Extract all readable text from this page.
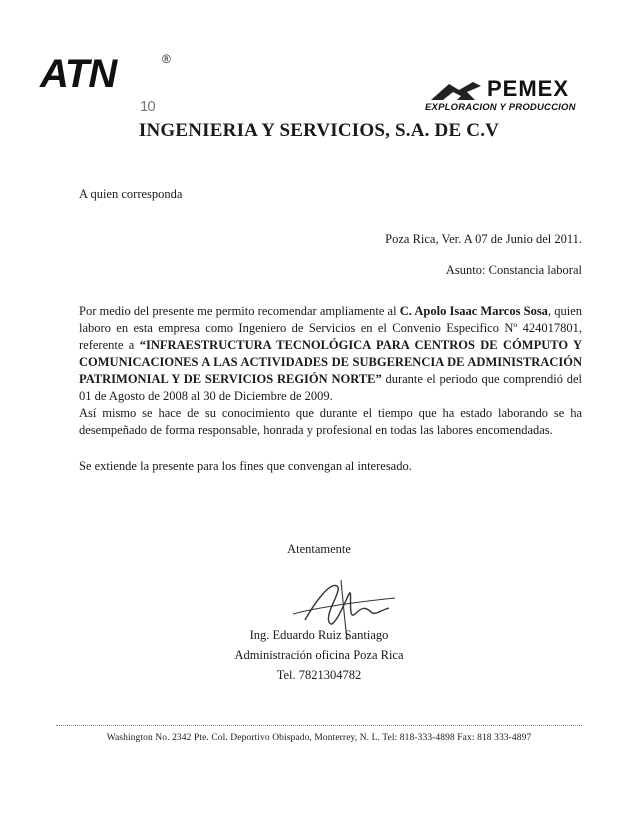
ATN	®
10
PEMEX
EXPLORACION Y PRODUCCION
INGENIERIA Y SERVICIOS, S.A. DE C.V
A quien corresponda
Poza Rica, Ver. A 07 de Junio del 2011.
Asunto: Constancia laboral

Por medio del presente me permito recomendar ampliamente al C. Apolo Isaac Marcos Sosa, quien laboro en esta empresa como Ingeniero de Servicios en el Convenio Especifico Nº 424017801, referente a “INFRAESTRUCTURA TECNOLÓGICA PARA CENTROS DE CÓMPUTO Y COMUNICACIONES A LAS ACTIVIDADES DE SUBGERENCIA DE ADMINISTRACIÓN PATRIMONIAL Y DE SERVICIOS REGIÓN NORTE” durante el periodo que comprendió del 01 de Agosto de 2008 al 30 de Diciembre de 2009.

Así mismo se hace de su conocimiento que durante el tiempo que ha estado laborando se ha desempeñado de forma responsable, honrada y profesional en todas las labores encomendadas.
Se extiende la presente para los fines que convengan al interesado.
Atentamente
Ing. Eduardo Ruiz Santiago
Administración oficina Poza Rica
Tel. 7821304782
Washington No. 2342 Pte. Col. Deportivo Obispado, Monterrey, N. L. Tel: 818-333-4898 Fax: 818 333-4897
